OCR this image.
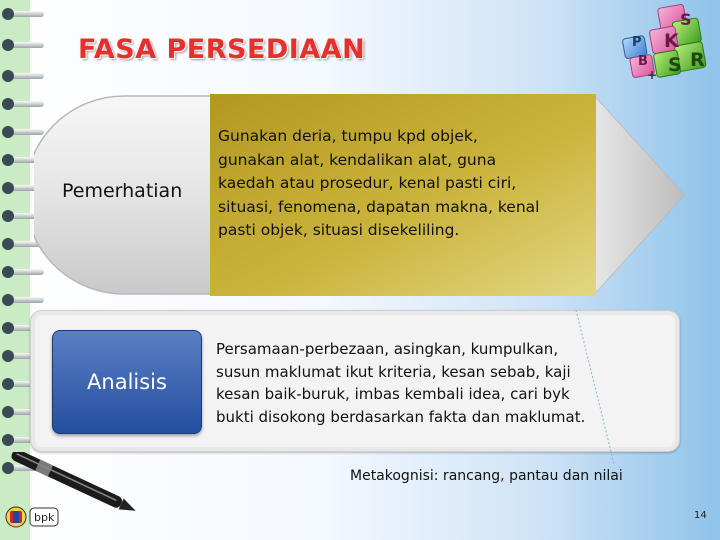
FASA PERSEDIAAN	K
S
S R
P
B
+
Pemerhatian
Gunakan deria, tumpu kpd objek,
gunakan alat, kendalikan alat, guna
kaedah atau prosedur, kenal pasti ciri,
situasi, fenomena, dapatan makna, kenal
pasti objek, situasi disekeliling.
Analisis
Persamaan-perbezaan, asingkan, kumpulkan,
susun maklumat ikut kriteria, kesan sebab, kaji
kesan baik-buruk, imbas kembali idea, cari byk
bukti disokong berdasarkan fakta dan maklumat.
Metakognisi: rancang, pantau dan nilai
bpk	14
